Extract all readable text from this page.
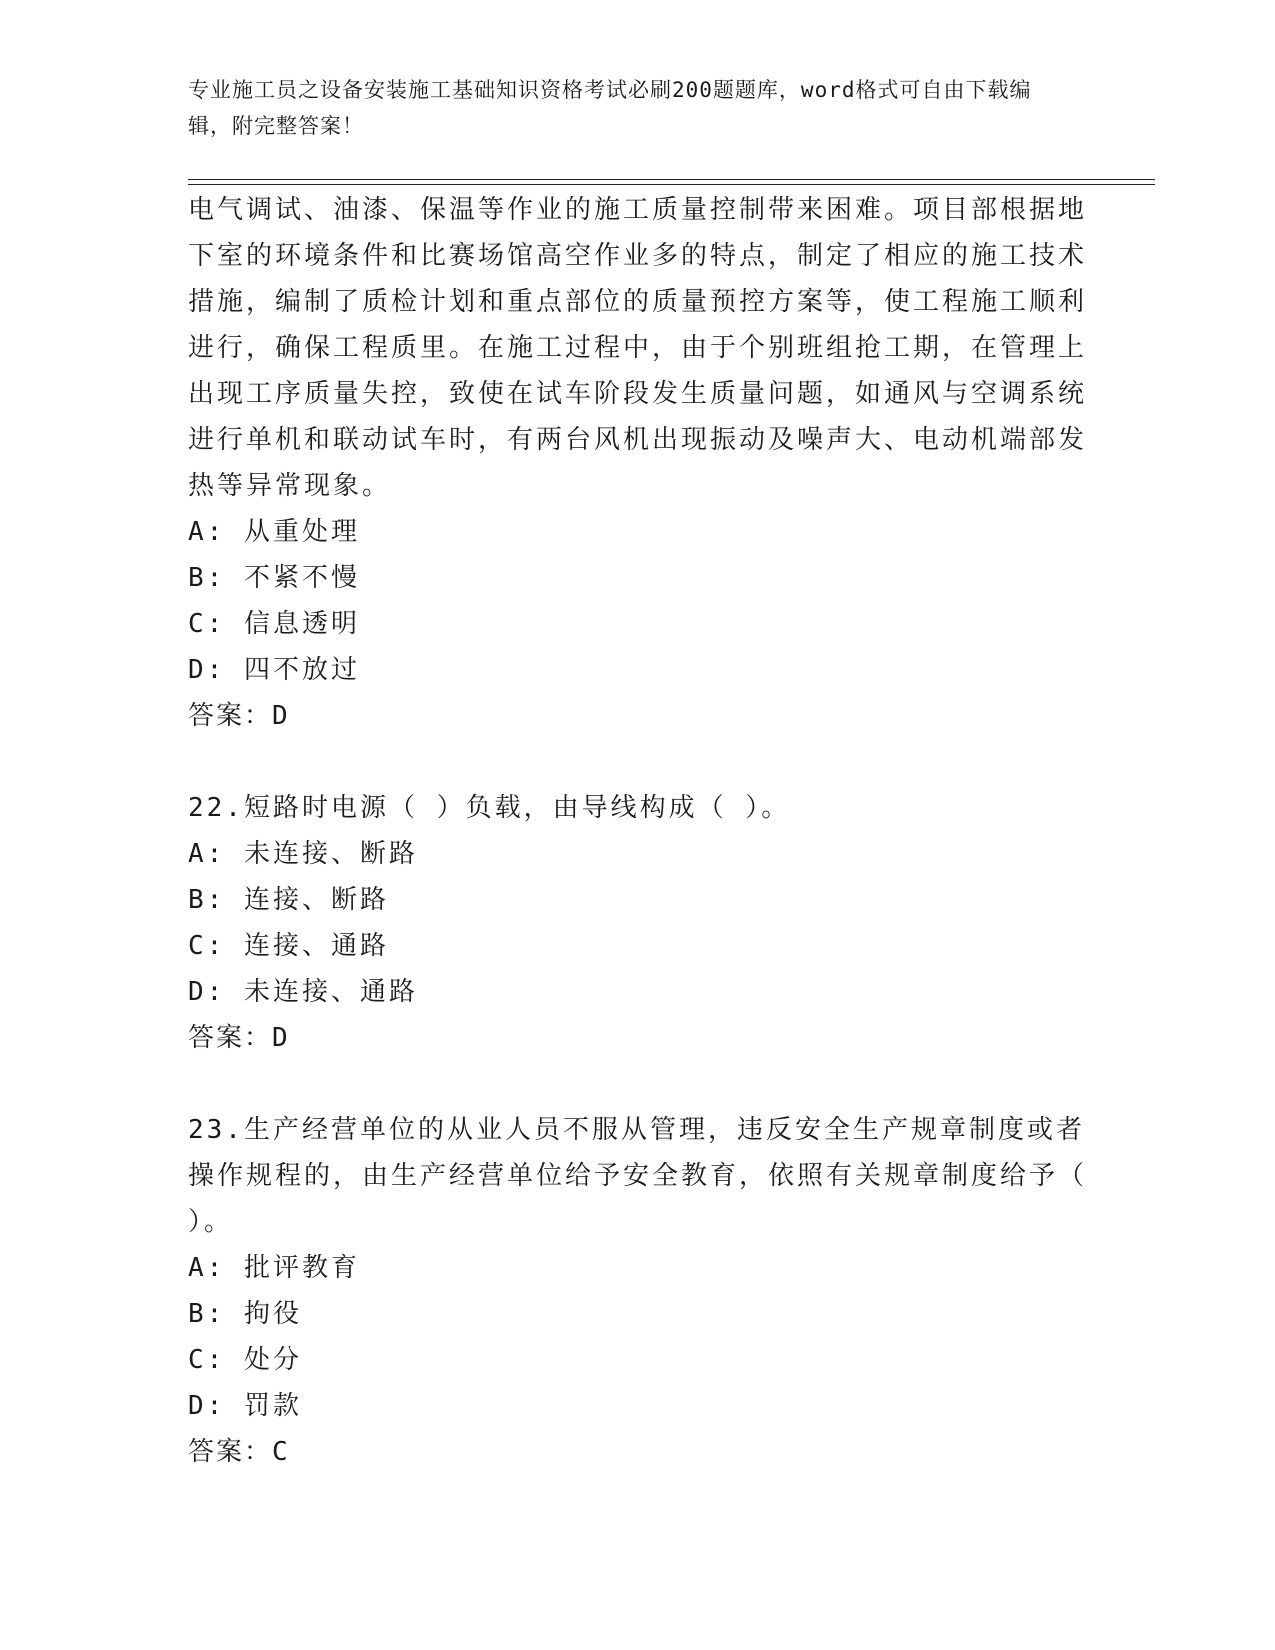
专业施工员之设备安装施工基础知识资格考试必刷200题题库，word格式可自由下载编辑，附完整答案！

电气调试、油漆、保温等作业的施工质量控制带来困难。项目部根据地下室的环境条件和比赛场馆高空作业多的特点，制定了相应的施工技术措施，编制了质检计划和重点部位的质量预控方案等，使工程施工顺利进行，确保工程质里。在施工过程中，由于个别班组抢工期，在管理上出现工序质量失控，致使在试车阶段发生质量问题，如通风与空调系统进行单机和联动试车时，有两台风机出现振动及噪声大、电动机端部发热等异常现象。

A: 从重处理

B: 不紧不慢

C: 信息透明

D: 四不放过

答案：D

22.短路时电源（ ）负载，由导线构成（ ）。

A: 未连接、断路

B: 连接、断路

C: 连接、通路

D: 未连接、通路

答案：D

23.生产经营单位的从业人员不服从管理，违反安全生产规章制度或者操作规程的，由生产经营单位给予安全教育，依照有关规章制度给予（ ）。

A: 批评教育

B: 拘役

C: 处分

D: 罚款

答案：C
